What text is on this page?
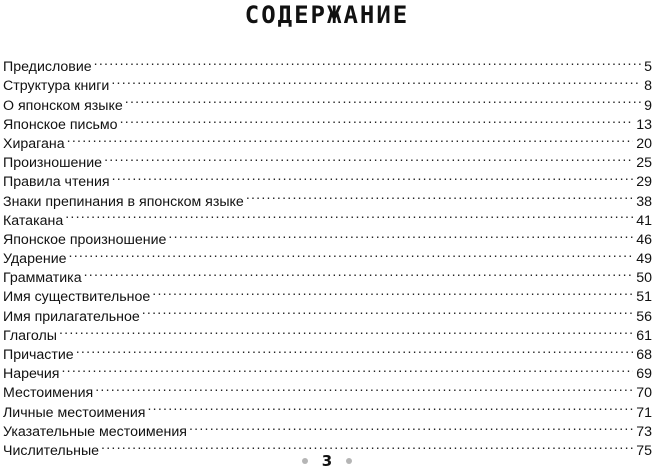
СОДЕРЖАНИЕ
Предисловие . . .	5
Структура книги . . .	8
О японском языке . . .	9
Японское письмо . . .	13
Хирагана . . .	20
Произношение . . .	25
Правила чтения . . .	29
Знаки препинания в японском языке . . .	38
Катакана . . .	41
Японское произношение . . .	46
Ударение . . .	49
Грамматика . . .	50
Имя существительное . . .	51
Имя прилагательное . . .	56
Глаголы . . .	61
Причастие . . .	68
Наречия . . .	69
Местоимения . . .	70
Личные местоимения . . .	71
Указательные местоимения . . .	73
Числительные . . .	75
3
